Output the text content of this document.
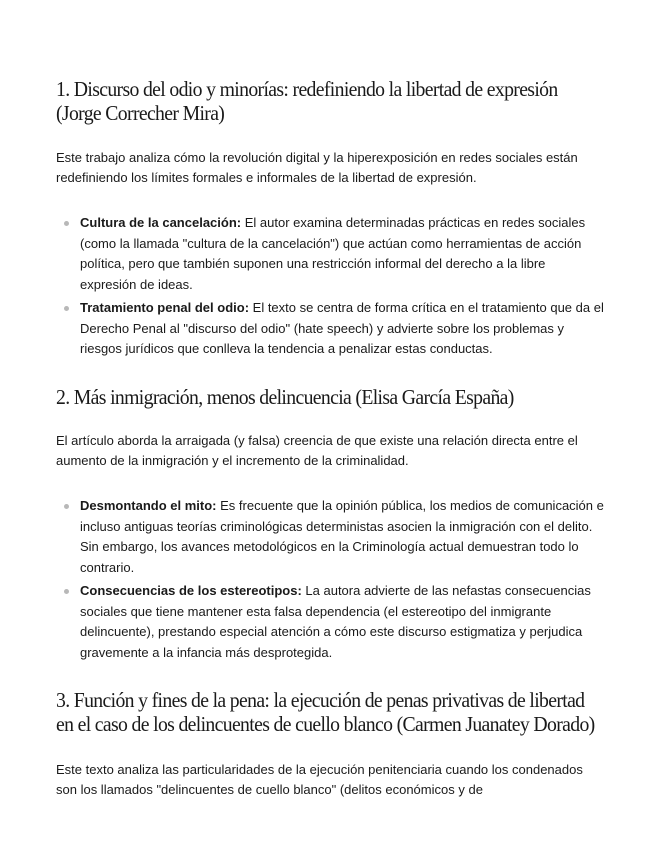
1. Discurso del odio y minorías: redefiniendo la libertad de expresión (Jorge Correcher Mira)

Este trabajo analiza cómo la revolución digital y la hiperexposición en redes sociales están redefiniendo los límites formales e informales de la libertad de expresión.

Cultura de la cancelación: El autor examina determinadas prácticas en redes sociales (como la llamada "cultura de la cancelación") que actúan como herramientas de acción política, pero que también suponen una restricción informal del derecho a la libre expresión de ideas.
Tratamiento penal del odio: El texto se centra de forma crítica en el tratamiento que da el Derecho Penal al "discurso del odio" (hate speech) y advierte sobre los problemas y riesgos jurídicos que conlleva la tendencia a penalizar estas conductas.
2. Más inmigración, menos delincuencia (Elisa García España)

El artículo aborda la arraigada (y falsa) creencia de que existe una relación directa entre el aumento de la inmigración y el incremento de la criminalidad.

Desmontando el mito: Es frecuente que la opinión pública, los medios de comunicación e incluso antiguas teorías criminológicas deterministas asocien la inmigración con el delito. Sin embargo, los avances metodológicos en la Criminología actual demuestran todo lo contrario.
Consecuencias de los estereotipos: La autora advierte de las nefastas consecuencias sociales que tiene mantener esta falsa dependencia (el estereotipo del inmigrante delincuente), prestando especial atención a cómo este discurso estigmatiza y perjudica gravemente a la infancia más desprotegida.
3. Función y fines de la pena: la ejecución de penas privativas de libertad en el caso de los delincuentes de cuello blanco (Carmen Juanatey Dorado)

Este texto analiza las particularidades de la ejecución penitenciaria cuando los condenados son los llamados "delincuentes de cuello blanco" (delitos económicos y de
